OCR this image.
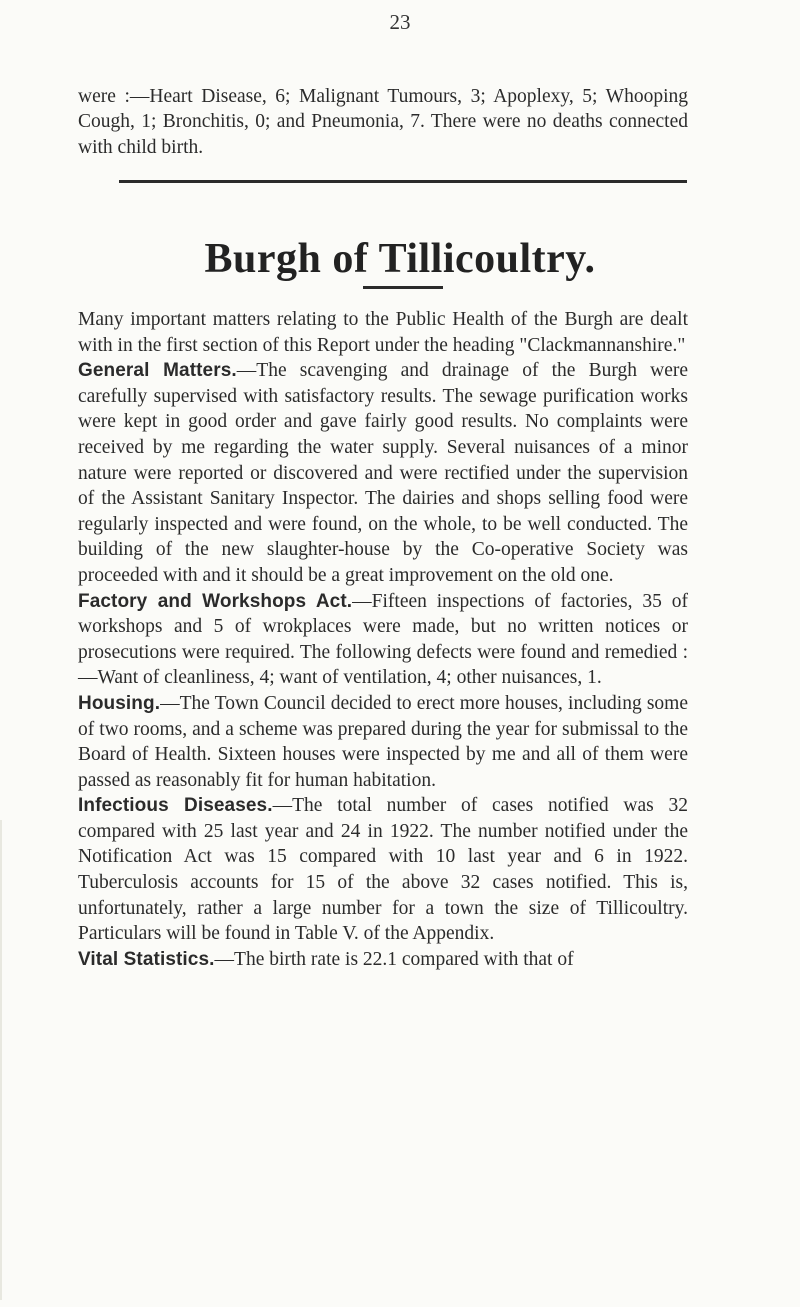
23

were :—Heart Disease, 6; Malignant Tumours, 3; Apoplexy, 5; Whooping Cough, 1; Bronchitis, 0; and Pneumonia, 7. There were no deaths connected with child birth.

Burgh of Tillicoultry.

Many important matters relating to the Public Health of the Burgh are dealt with in the first section of this Report under the heading "Clackmannanshire."

General Matters.—The scavenging and drainage of the Burgh were carefully supervised with satisfactory results. The sewage purification works were kept in good order and gave fairly good results. No complaints were received by me regarding the water supply. Several nuisances of a minor nature were reported or discovered and were rectified under the supervision of the Assistant Sanitary Inspector. The dairies and shops selling food were regularly inspected and were found, on the whole, to be well conducted. The building of the new slaughter-house by the Co-operative Society was proceeded with and it should be a great improvement on the old one.

Factory and Workshops Act.—Fifteen inspections of factories, 35 of workshops and 5 of wrokplaces were made, but no written notices or prosecutions were required. The following defects were found and remedied :—Want of cleanliness, 4; want of ventilation, 4; other nuisances, 1.

Housing.—The Town Council decided to erect more houses, including some of two rooms, and a scheme was prepared during the year for submissal to the Board of Health. Sixteen houses were inspected by me and all of them were passed as reasonably fit for human habitation.

Infectious Diseases.—The total number of cases notified was 32 compared with 25 last year and 24 in 1922. The number notified under the Notification Act was 15 compared with 10 last year and 6 in 1922. Tuberculosis accounts for 15 of the above 32 cases notified. This is, unfortunately, rather a large number for a town the size of Tillicoultry. Particulars will be found in Table V. of the Appendix.

Vital Statistics.—The birth rate is 22.1 compared with that of
